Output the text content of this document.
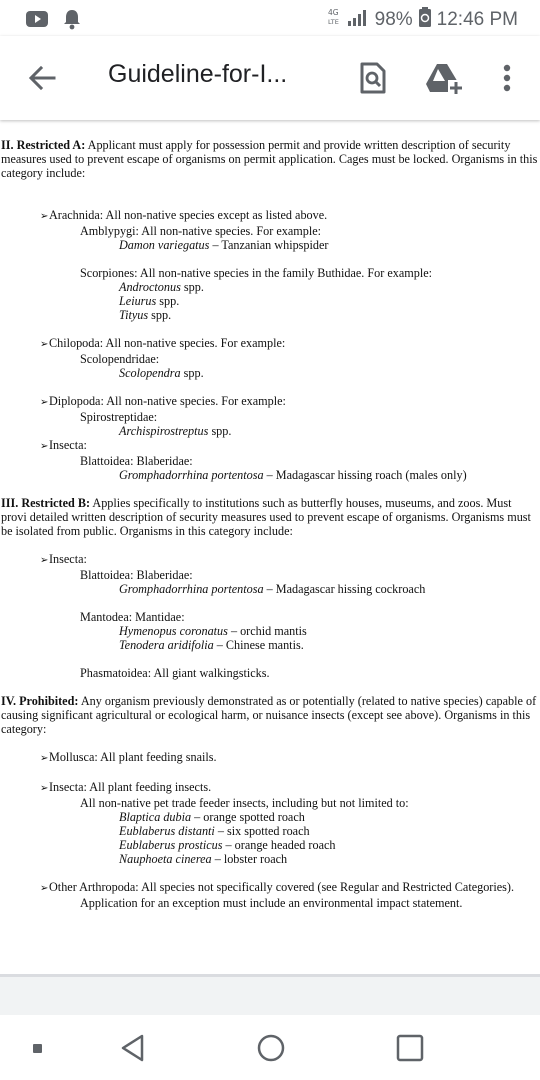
4G
LTE 98% 12:46 PM
Guideline-for-I...

II. Restricted A: Applicant must apply for possession permit and provide written description of security measures used to prevent escape of organisms on permit application. Cages must be locked. Organisms in this category include:

➢Arachnida: All non-native species except as listed above.

Amblypygi: All non-native species. For example:

Damon variegatus – Tanzanian whipspider

Scorpiones: All non-native species in the family Buthidae. For example:

Androctonus spp.

Leiurus spp.

Tityus spp.

➢Chilopoda: All non-native species. For example:

Scolopendridae:

Scolopendra spp.

➢Diplopoda: All non-native species. For example:

Spirostreptidae:

Archispirostreptus spp.

➢Insecta:

Blattoidea: Blaberidae:

Gromphadorrhina portentosa – Madagascar hissing roach (males only)

III. Restricted B: Applies specifically to institutions such as butterfly houses, museums, and zoos. Must provi detailed written description of security measures used to prevent escape of organisms. Organisms must be isolated from public. Organisms in this category include:

➢Insecta:

Blattoidea: Blaberidae:

Gromphadorrhina portentosa – Madagascar hissing cockroach

Mantodea: Mantidae:

Hymenopus coronatus – orchid mantis

Tenodera aridifolia – Chinese mantis.

Phasmatoidea: All giant walkingsticks.

IV. Prohibited: Any organism previously demonstrated as or potentially (related to native species) capable of causing significant agricultural or ecological harm, or nuisance insects (except see above). Organisms in this category:

➢Mollusca: All plant feeding snails.

➢Insecta: All plant feeding insects.

All non-native pet trade feeder insects, including but not limited to:

Blaptica dubia – orange spotted roach

Eublaberus distanti – six spotted roach

Eublaberus prosticus – orange headed roach

Nauphoeta cinerea – lobster roach

➢Other Arthropoda: All species not specifically covered (see Regular and Restricted Categories).

Application for an exception must include an environmental impact statement.
